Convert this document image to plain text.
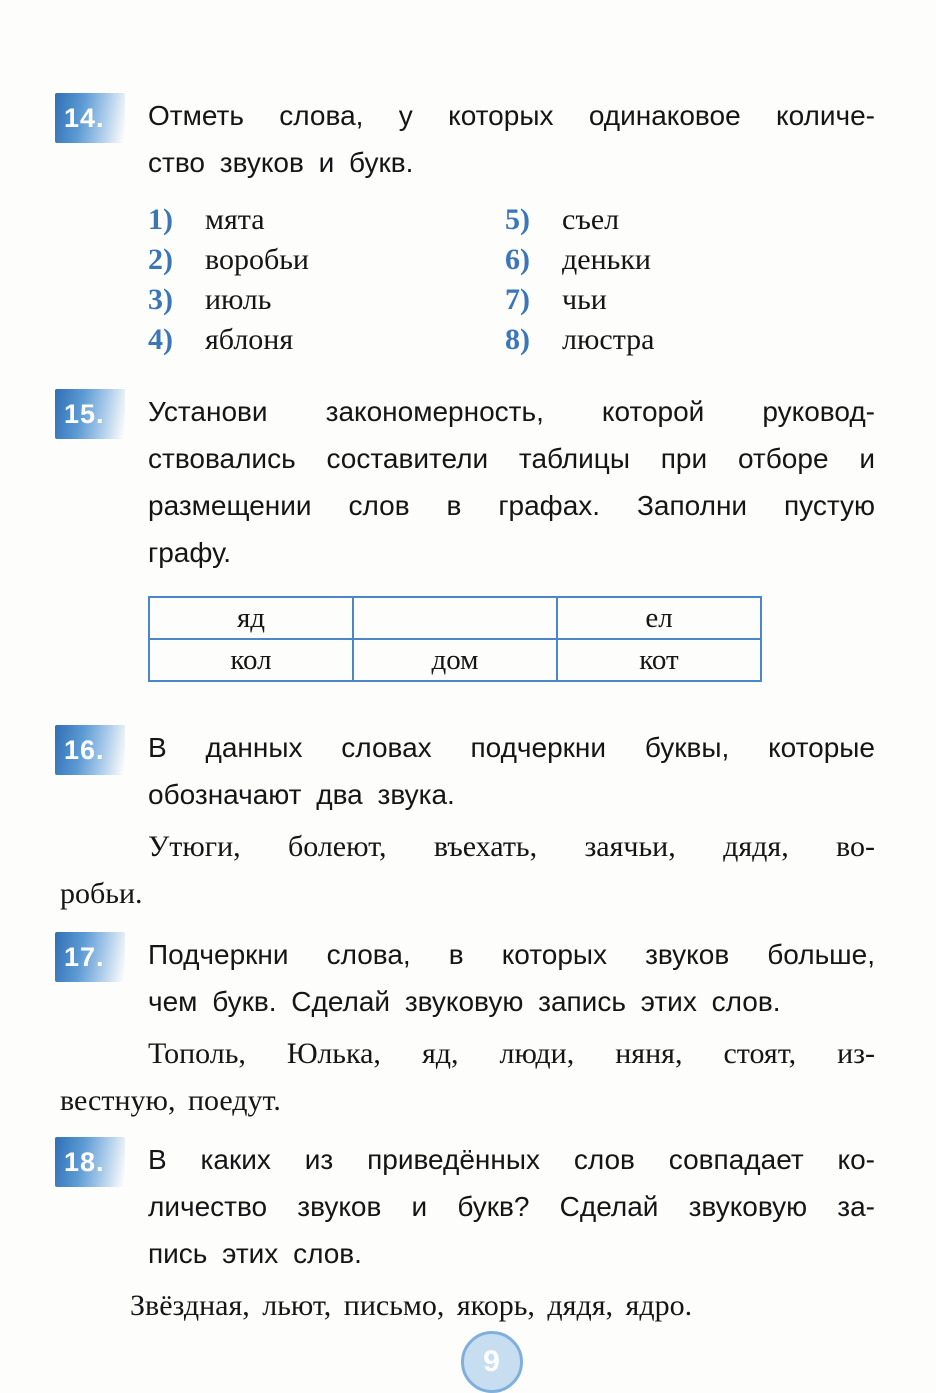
14.	Отметь слова, у которых одинаковое количе-
ство звуков и букв.
1)	мята
2)	воробьи
3)	июль
4)	яблоня
5)	съел
6)	деньки
7)	чьи
8)	люстра
15.	Установи закономерность, которой руковод-
ствовались составители таблицы при отборе и
размещении слов в графах. Заполни пустую
графу.
яд		ел
кол	дом	кот
16.	В данных словах подчеркни буквы, которые
обозначают два звука.
Утюги, болеют, въехать, заячьи, дядя, во-
робьи.
17.	Подчеркни слова, в которых звуков больше,
чем букв. Сделай звуковую запись этих слов.
Тополь, Юлька, яд, люди, няня, стоят, из-
вестную, поедут.
18.	В каких из приведённых слов совпадает ко-
личество звуков и букв? Сделай звуковую за-
пись этих слов.
Звёздная, льют, письмо, якорь, дядя, ядро.
9
